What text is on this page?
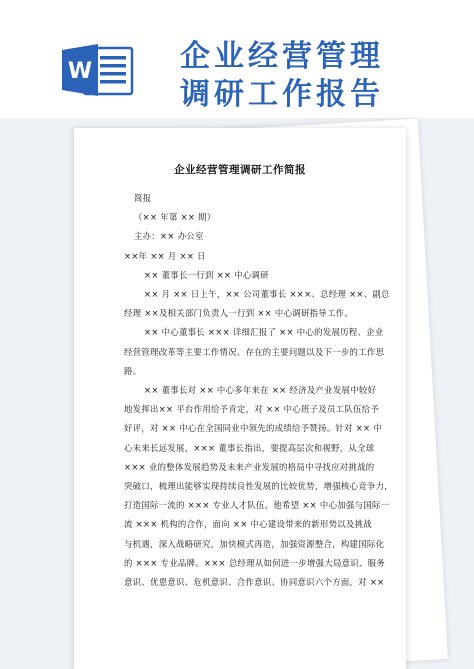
W	企业经营管理
调研工作报告
企业经营管理调研工作简报
简报
（×× 年第 ×× 期）
主办：×× 办公室
××年 ×× 月 ×× 日
×× 董事长一行到 ×× 中心调研
×× 月 ×× 日上午，×× 公司董事长 ×××、总经理 ××、副总
经理 ××及相关部门负责人一行到 ×× 中心调研指导工作。
×× 中心董事长 ××× 详细汇报了 ×× 中心的发展历程、企业
经营管理改革等主要工作情况、存在的主要问题以及下一步的工作思
路。
×× 董事长对 ×× 中心多年来在 ×× 经济及产业发展中较好
地发挥出×× 平台作用给予肯定，对 ×× 中心班子及员工队伍给予
好评，对 ×× 中心在全国同业中领先的成绩给予赞扬。针对 ×× 中
心未来长远发展，××× 董事长指出，要提高层次和视野，从全球
××× 业的整体发展趋势及未来产业发展的格局中寻找应对挑战的
突破口，梳理出能够实现持续良性发展的比较优势，增强核心竞争力，
打造国际一流的 ××× 专业人才队伍。他希望 ×× 中心加强与国际一
流 ××× 机构的合作，面向 ×× 中心建设带来的新形势以及挑战
与机遇，深入战略研究，加快模式再造，加强资源整合，构建国际化
的 ××× 专业品牌。××× 总经理从如何进一步增强大局意识、服务
意识、优患意识、危机意识、合作意识、协同意识六个方面，对 ××
